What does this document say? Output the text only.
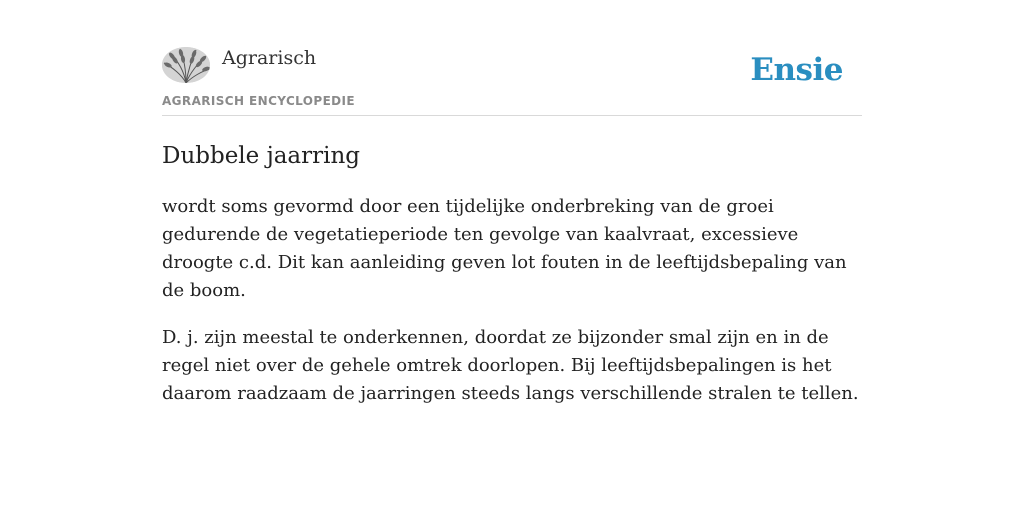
Agrarisch
AGRARISCH ENCYCLOPEDIE
Ensie
Dubbele jaarring

wordt soms gevormd door een tijdelijke onderbreking van de groei gedurende de vegetatieperiode ten gevolge van kaalvraat, excessieve droogte c.d. Dit kan aanleiding geven lot fouten in de leeftijdsbepaling van de boom.

D. j. zijn meestal te onderkennen, doordat ze bijzonder smal zijn en in de regel niet over de gehele omtrek doorlopen. Bij leeftijdsbepalingen is het daarom raadzaam de jaarringen steeds langs verschillende stralen te tellen.
